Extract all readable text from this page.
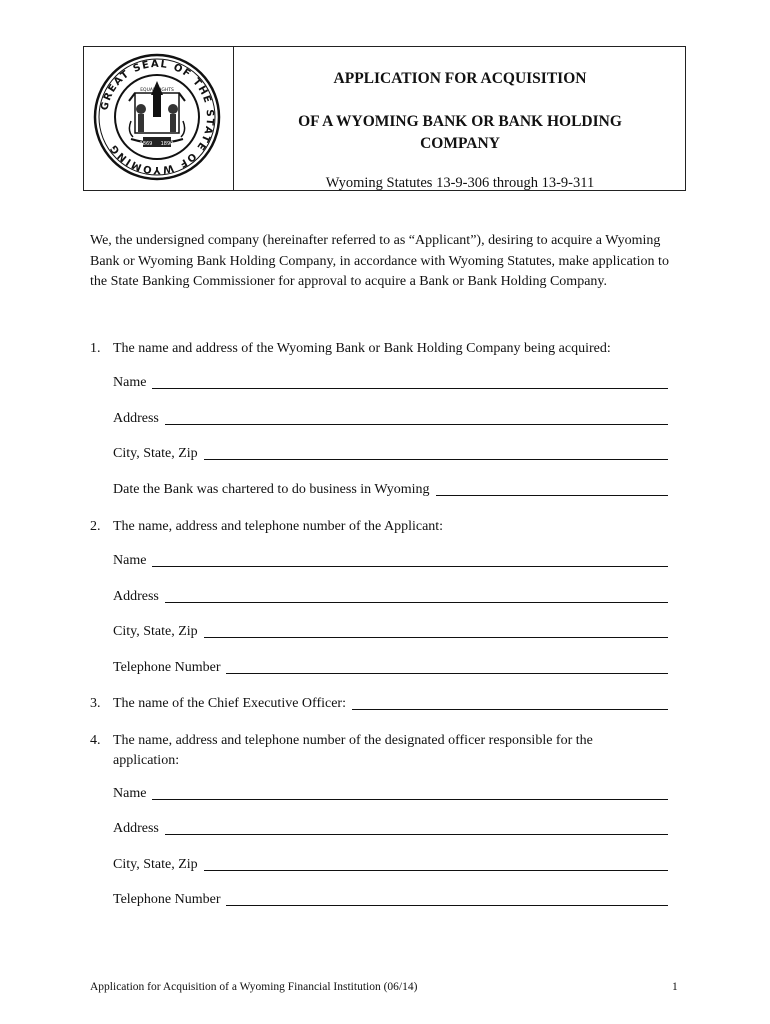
GREAT SEAL OF THE STATE OF WYOMING
EQUAL RIGHTS
1869 1890
APPLICATION FOR ACQUISITION
OF A WYOMING BANK OR BANK HOLDING
COMPANY
Wyoming Statutes 13-9-306 through 13-9-311
We, the undersigned company (hereinafter referred to as “Applicant”), desiring to acquire a Wyoming Bank or Wyoming Bank Holding Company, in accordance with Wyoming Statutes, make application to the State Banking Commissioner for approval to acquire a Bank or Bank Holding Company.
1. The name and address of the Wyoming Bank or Bank Holding Company being acquired:
Name
Address
City, State, Zip
Date the Bank was chartered to do business in Wyoming
2. The name, address and telephone number of the Applicant:
Name
Address
City, State, Zip
Telephone Number
3. The name of the Chief Executive Officer:
4. The name, address and telephone number of the designated officer responsible for the
application:
Name
Address
City, State, Zip
Telephone Number
Application for Acquisition of a Wyoming Financial Institution (06/14)	1
